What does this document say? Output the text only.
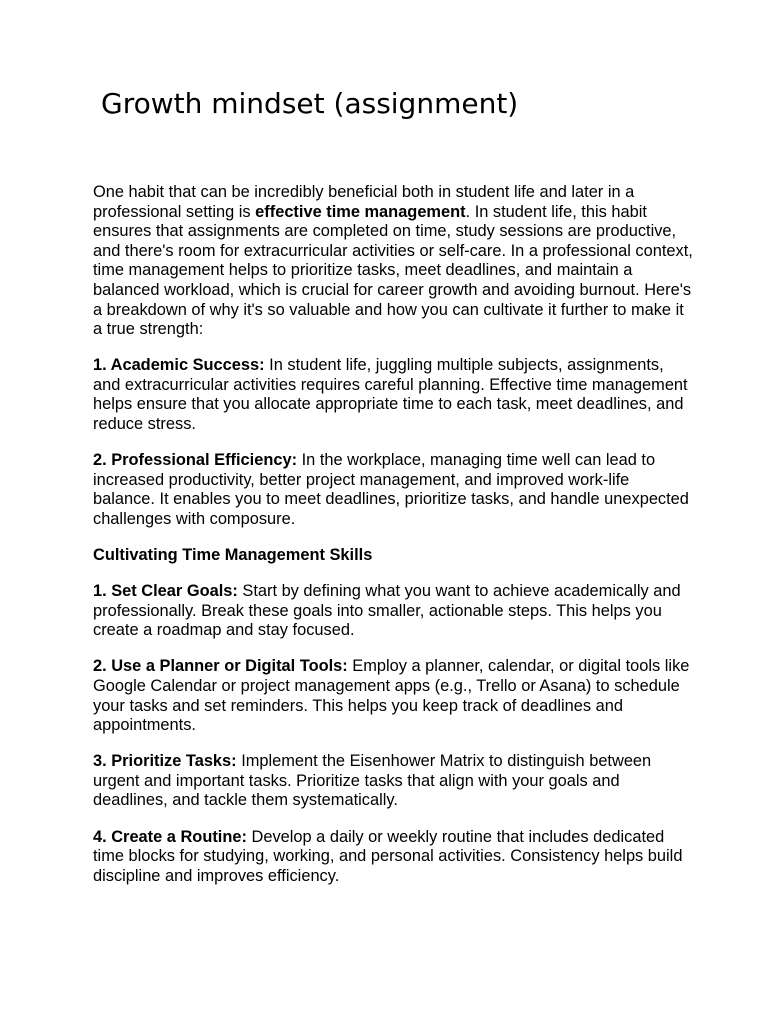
Growth mindset (assignment)

One habit that can be incredibly beneficial both in student life and later in a professional setting is effective time management. In student life, this habit ensures that assignments are completed on time, study sessions are productive, and there's room for extracurricular activities or self-care. In a professional context, time management helps to prioritize tasks, meet deadlines, and maintain a balanced workload, which is crucial for career growth and avoiding burnout. Here's a breakdown of why it's so valuable and how you can cultivate it further to make it a true strength:

1. Academic Success: In student life, juggling multiple subjects, assignments, and extracurricular activities requires careful planning. Effective time management helps ensure that you allocate appropriate time to each task, meet deadlines, and reduce stress.

2. Professional Efficiency: In the workplace, managing time well can lead to increased productivity, better project management, and improved work-life balance. It enables you to meet deadlines, prioritize tasks, and handle unexpected challenges with composure.

Cultivating Time Management Skills

1. Set Clear Goals: Start by defining what you want to achieve academically and professionally. Break these goals into smaller, actionable steps. This helps you create a roadmap and stay focused.

2. Use a Planner or Digital Tools: Employ a planner, calendar, or digital tools like Google Calendar or project management apps (e.g., Trello or Asana) to schedule your tasks and set reminders. This helps you keep track of deadlines and appointments.

3. Prioritize Tasks: Implement the Eisenhower Matrix to distinguish between urgent and important tasks. Prioritize tasks that align with your goals and deadlines, and tackle them systematically.

4. Create a Routine: Develop a daily or weekly routine that includes dedicated time blocks for studying, working, and personal activities. Consistency helps build discipline and improves efficiency.
